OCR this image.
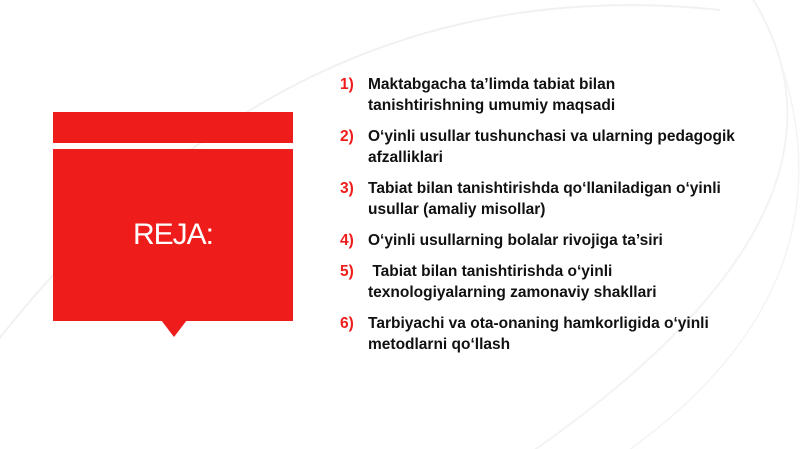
REJA:
1) Maktabgacha ta’limda tabiat bilan
tanishtirishning umumiy maqsadi
2) O‘yinli usullar tushunchasi va ularning pedagogik
afzalliklari
3) Tabiat bilan tanishtirishda qo‘llaniladigan o‘yinli
usullar (amaliy misollar)
4) O‘yinli usullarning bolalar rivojiga ta’siri
5) Tabiat bilan tanishtirishda o‘yinli
texnologiyalarning zamonaviy shakllari
6) Tarbiyachi va ota-onaning hamkorligida o‘yinli
metodlarni qo‘llash
